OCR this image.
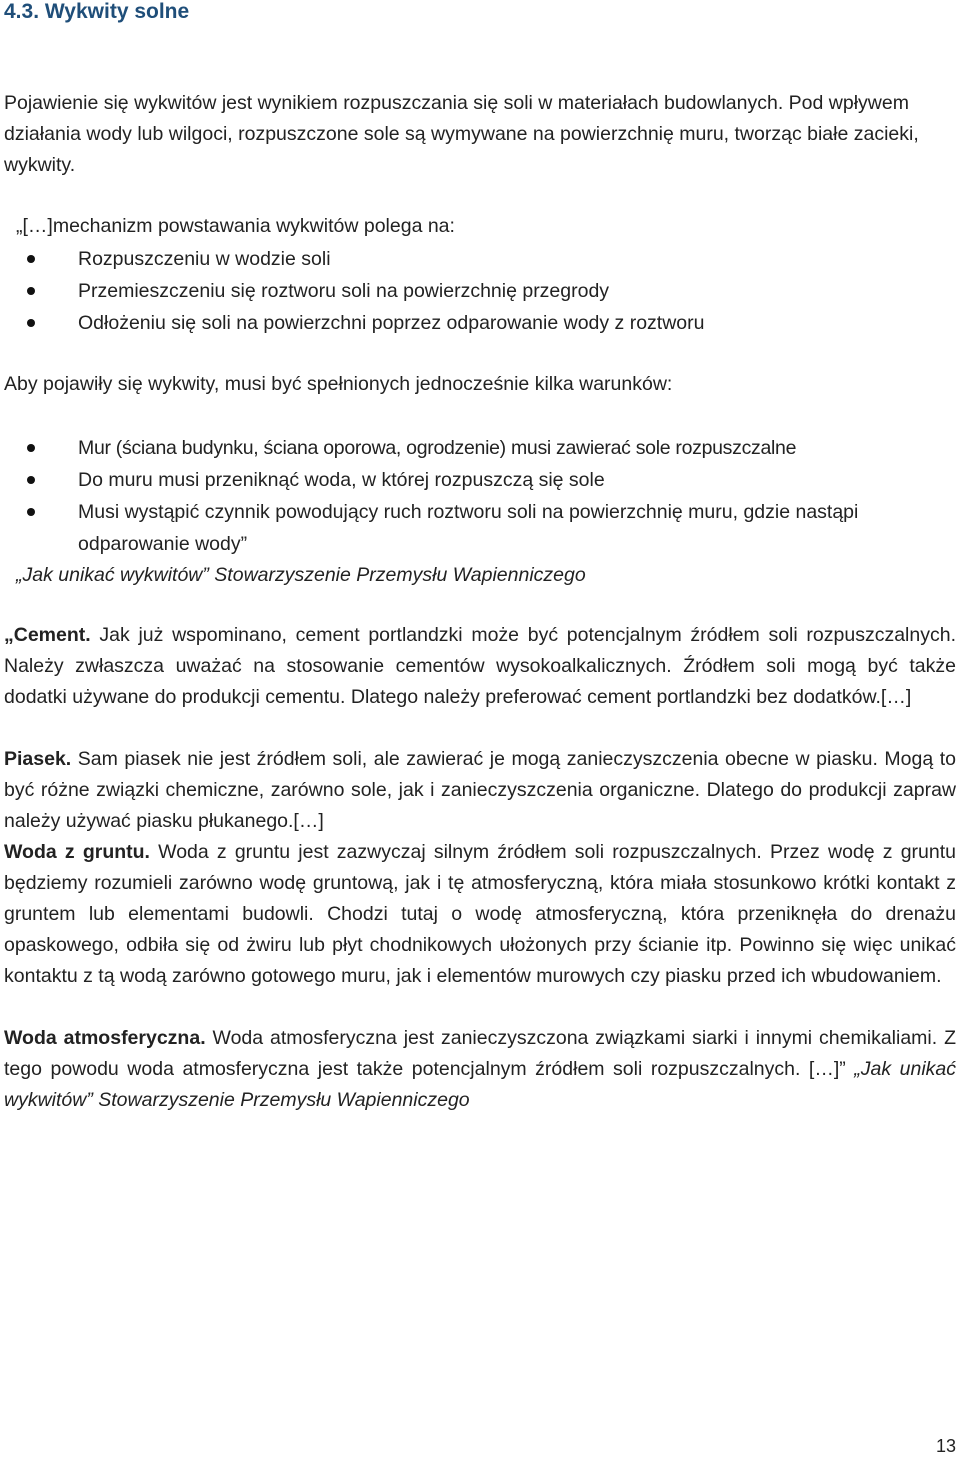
4.3. Wykwity solne
Pojawienie się wykwitów jest wynikiem rozpuszczania się soli w materiałach budowlanych. Pod wpływem działania wody lub wilgoci, rozpuszczone sole są wymywane na powierzchnię muru, tworząc białe zacieki, wykwity.
„[…]mechanizm powstawania wykwitów polega na:
Rozpuszczeniu w wodzie soli
Przemieszczeniu się roztworu soli na powierzchnię przegrody
Odłożeniu się soli na powierzchni poprzez odparowanie wody z roztworu
Aby pojawiły się wykwity, musi być spełnionych jednocześnie kilka warunków:
Mur (ściana budynku, ściana oporowa, ogrodzenie) musi zawierać sole rozpuszczalne
Do muru musi przeniknąć woda, w której rozpuszczą się sole
Musi wystąpić czynnik powodujący ruch roztworu soli na powierzchnię muru, gdzie nastąpi odparowanie wody”
„Jak unikać wykwitów” Stowarzyszenie Przemysłu Wapienniczego
„Cement. Jak już wspominano, cement portlandzki może być potencjalnym źródłem soli rozpuszczalnych. Należy zwłaszcza uważać na stosowanie cementów wysokoalkalicznych. Źródłem soli mogą być także dodatki używane do produkcji cementu. Dlatego należy preferować cement portlandzki bez dodatków.[…]
Piasek. Sam piasek nie jest źródłem soli, ale zawierać je mogą zanieczyszczenia obecne w piasku. Mogą to być różne związki chemiczne, zarówno sole, jak i zanieczyszczenia organiczne. Dlatego do produkcji zapraw należy używać piasku płukanego.[…]
Woda z gruntu. Woda z gruntu jest zazwyczaj silnym źródłem soli rozpuszczalnych. Przez wodę z gruntu będziemy rozumieli zarówno wodę gruntową, jak i tę atmosferyczną, która miała stosunkowo krótki kontakt z gruntem lub elementami budowli. Chodzi tutaj o wodę atmosferyczną, która przeniknęła do drenażu opaskowego, odbiła się od żwiru lub płyt chodnikowych ułożonych przy ścianie itp. Powinno się więc unikać kontaktu z tą wodą zarówno gotowego muru, jak i elementów murowych czy piasku przed ich wbudowaniem.
Woda atmosferyczna. Woda atmosferyczna jest zanieczyszczona związkami siarki i innymi chemikaliami. Z tego powodu woda atmosferyczna jest także potencjalnym źródłem soli rozpuszczalnych. […]” „Jak unikać wykwitów” Stowarzyszenie Przemysłu Wapienniczego
13
